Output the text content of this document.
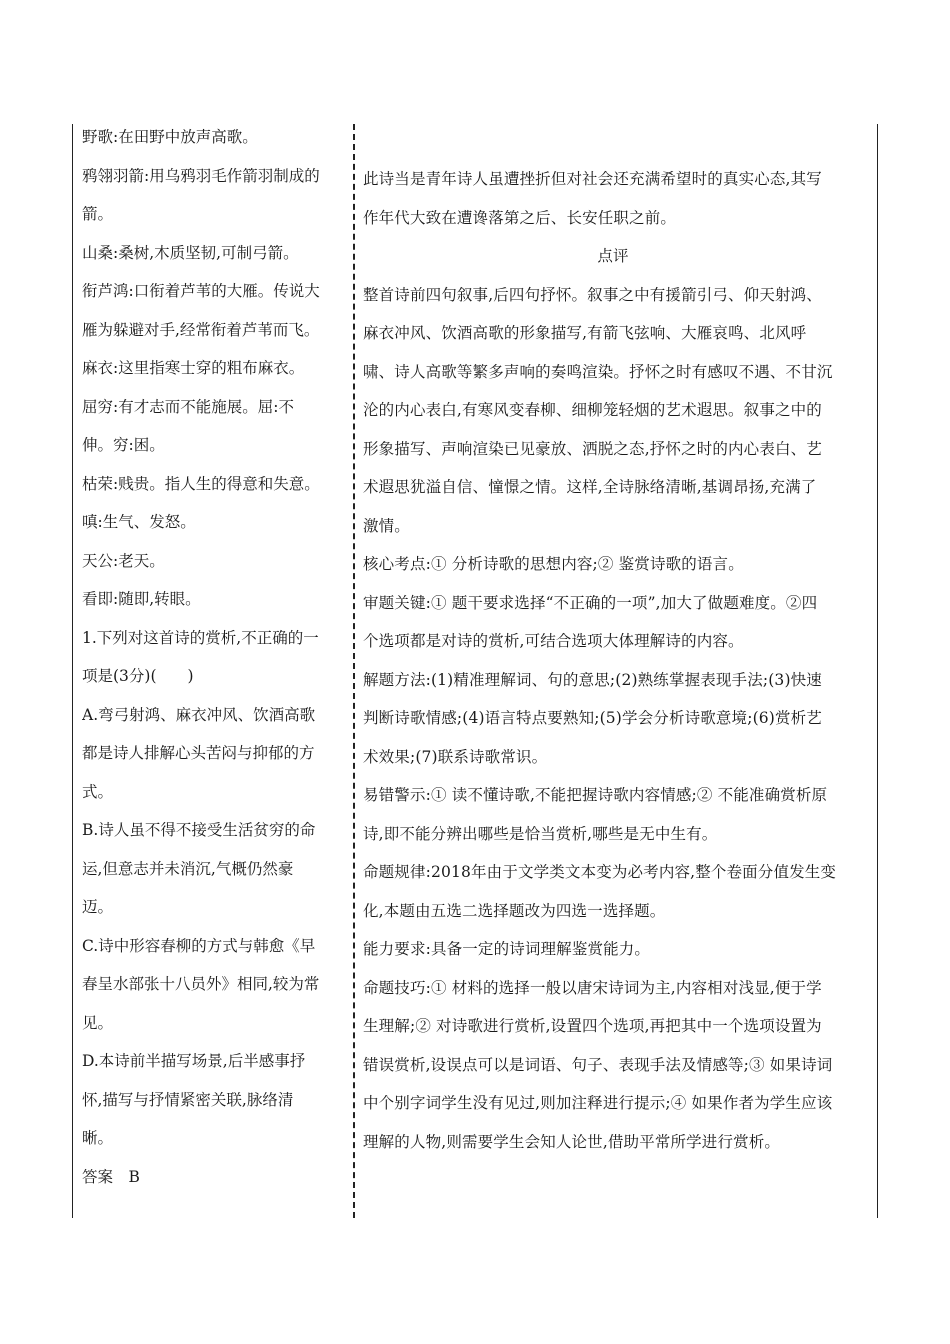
野歌:在田野中放声高歌。
鸦翎羽箭:用乌鸦羽毛作箭羽制成的
箭。
山桑:桑树,木质坚韧,可制弓箭。
衔芦鸿:口衔着芦苇的大雁。传说大
雁为躲避对手,经常衔着芦苇而飞。
麻衣:这里指寒士穿的粗布麻衣。
屈穷:有才志而不能施展。屈:不
伸。穷:困。
枯荣:贱贵。指人生的得意和失意。
嗔:生气、发怒。
天公:老天。
看即:随即,转眼。
1.下列对这首诗的赏析,不正确的一
项是(3分)(　　)
A.弯弓射鸿、麻衣冲风、饮酒高歌
都是诗人排解心头苦闷与抑郁的方
式。
B.诗人虽不得不接受生活贫穷的命
运,但意志并未消沉,气概仍然豪
迈。
C.诗中形容春柳的方式与韩愈《早
春呈水部张十八员外》相同,较为常
见。
D.本诗前半描写场景,后半感事抒
怀,描写与抒情紧密关联,脉络清
晰。
答案　B
此诗当是青年诗人虽遭挫折但对社会还充满希望时的真实心态,其写
作年代大致在遭谗落第之后、长安任职之前。
点评
整首诗前四句叙事,后四句抒怀。叙事之中有援箭引弓、仰天射鸿、
麻衣冲风、饮酒高歌的形象描写,有箭飞弦响、大雁哀鸣、北风呼
啸、诗人高歌等繁多声响的奏鸣渲染。抒怀之时有感叹不遇、不甘沉
沦的内心表白,有寒风变春柳、细柳笼轻烟的艺术遐思。叙事之中的
形象描写、声响渲染已见豪放、洒脱之态,抒怀之时的内心表白、艺
术遐思犹溢自信、憧憬之情。这样,全诗脉络清晰,基调昂扬,充满了
激情。
核心考点:① 分析诗歌的思想内容;② 鉴赏诗歌的语言。
审题关键:① 题干要求选择“不正确的一项”,加大了做题难度。②四
个选项都是对诗的赏析,可结合选项大体理解诗的内容。
解题方法:(1)精准理解词、句的意思;(2)熟练掌握表现手法;(3)快速
判断诗歌情感;(4)语言特点要熟知;(5)学会分析诗歌意境;(6)赏析艺
术效果;(7)联系诗歌常识。
易错警示:① 读不懂诗歌,不能把握诗歌内容情感;② 不能准确赏析原
诗,即不能分辨出哪些是恰当赏析,哪些是无中生有。
命题规律:2018年由于文学类文本变为必考内容,整个卷面分值发生变
化,本题由五选二选择题改为四选一选择题。
能力要求:具备一定的诗词理解鉴赏能力。
命题技巧:① 材料的选择一般以唐宋诗词为主,内容相对浅显,便于学
生理解;② 对诗歌进行赏析,设置四个选项,再把其中一个选项设置为
错误赏析,设误点可以是词语、句子、表现手法及情感等;③ 如果诗词
中个别字词学生没有见过,则加注释进行提示;④ 如果作者为学生应该
理解的人物,则需要学生会知人论世,借助平常所学进行赏析。
